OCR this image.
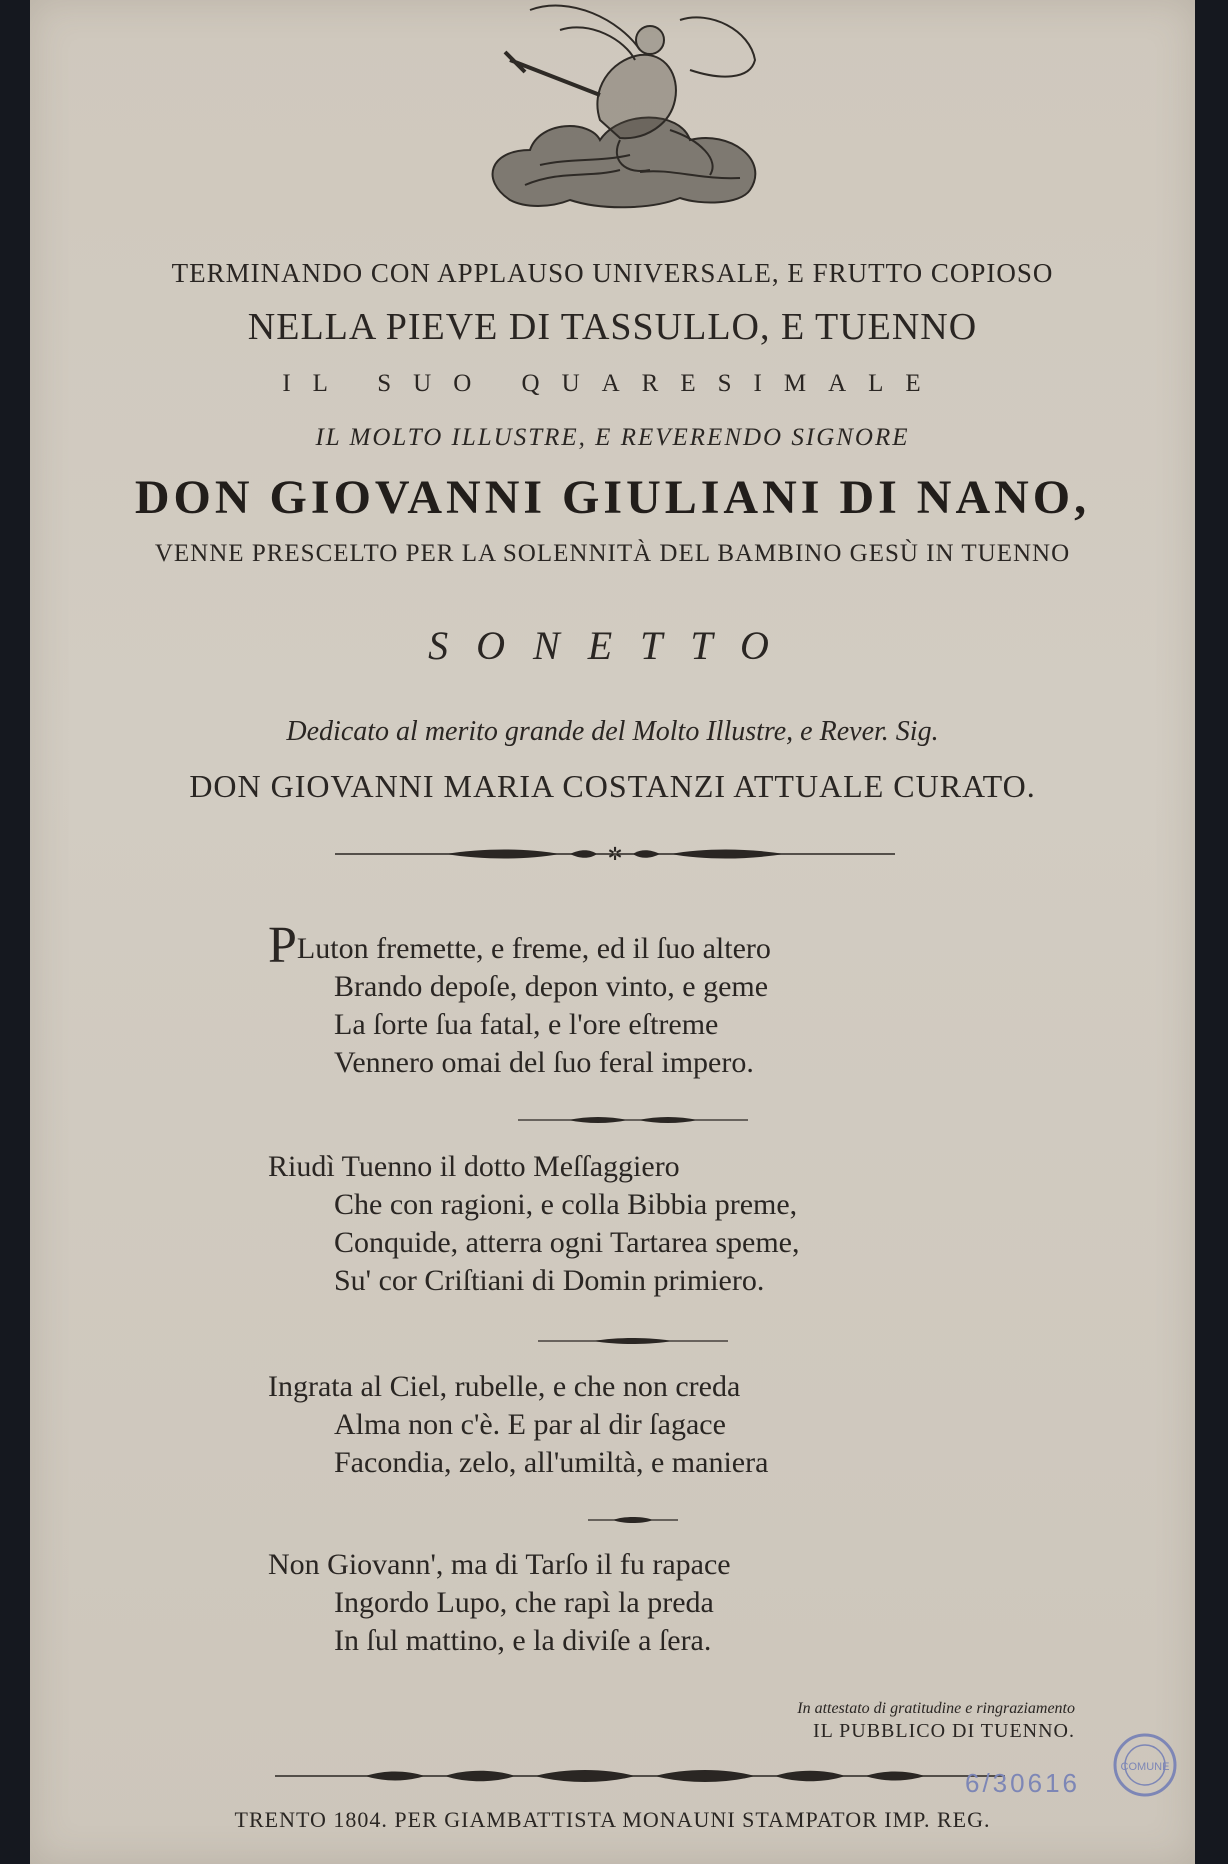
TERMINANDO CON APPLAUSO UNIVERSALE, E FRUTTO COPIOSO
NELLA PIEVE DI TASSULLO, E TUENNO
IL SUO QUARESIMALE
IL MOLTO ILLUSTRE, E REVERENDO SIGNORE
DON GIOVANNI GIULIANI DI NANO,
VENNE PRESCELTO PER LA SOLENNITÀ DEL BAMBINO GESÙ IN TUENNO
SONETTO
Dedicato al merito grande del Molto Illustre, e Rever. Sig.
DON GIOVANNI MARIA COSTANZI ATTUALE CURATO.
✲
PLuton fremette, e freme, ed il ſuo altero
Brando depoſe, depon vinto, e geme
La ſorte ſua fatal, e l'ore eſtreme
Vennero omai del ſuo feral impero.
Riudì Tuenno il dotto Meſſaggiero
Che con ragioni, e colla Bibbia preme,
Conquide, atterra ogni Tartarea speme,
Su' cor Criſtiani di Domin primiero.
Ingrata al Ciel, rubelle, e che non creda
Alma non c'è. E par al dir ſagace
Facondia, zelo, all'umiltà, e maniera
Non Giovann', ma di Tarſo il fu rapace
Ingordo Lupo, che rapì la preda
In ſul mattino, e la diviſe a ſera.
In attestato di gratitudine e ringraziamento
IL PUBBLICO DI TUENNO.
TRENTO 1804. PER GIAMBATTISTA MONAUNI STAMPATOR IMP. REG.
6/30616
COMUNE
